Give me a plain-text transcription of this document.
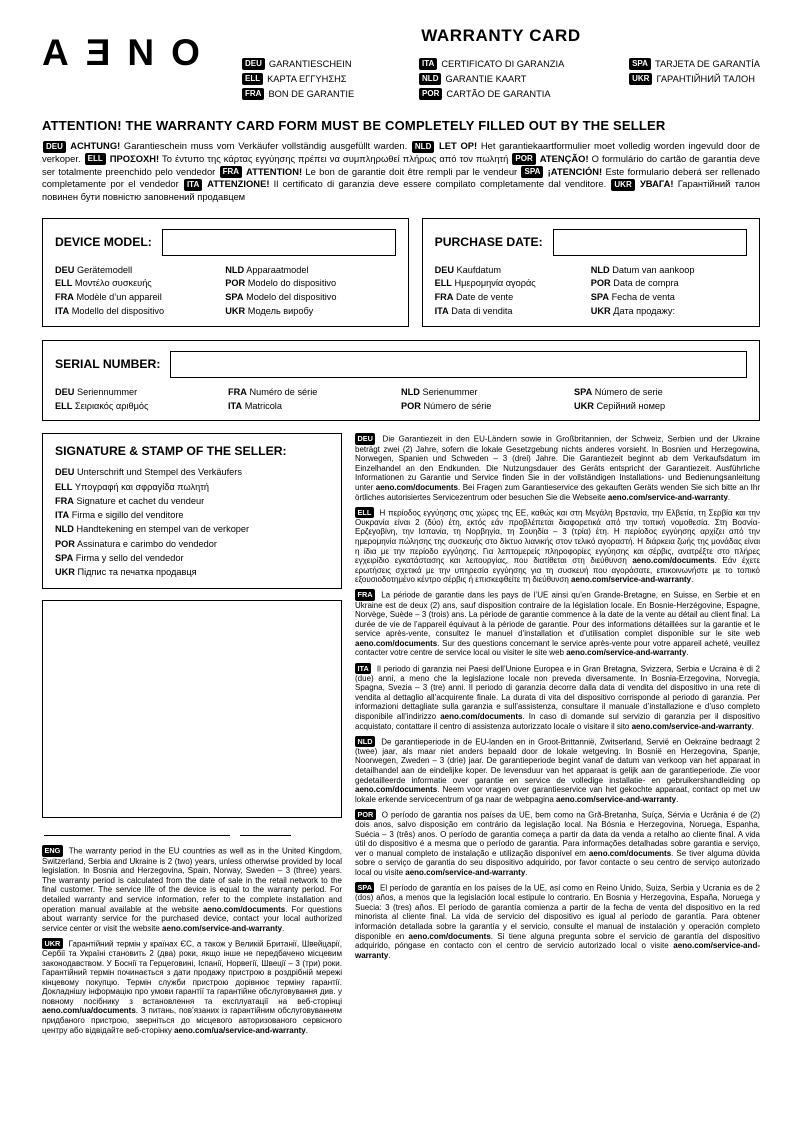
AƎNO	WARRANTY CARD
DEU GARANTIESCHEIN
ELL ΚΑΡΤΑ ΕΓΓΥΗΣΗΣ
FRA BON DE GARANTIE
ITA CERTIFICATO DI GARANZIA
NLD GARANTIE KAART
POR CARTÃO DE GARANTIA
SPA TARJETA DE GARANTÍA
UKR ГАРАНТІЙНИЙ ТАЛОН
ATTENTION! THE WARRANTY CARD FORM MUST BE COMPLETELY FILLED OUT BY THE SELLER

DEU ACHTUNG! Garantieschein muss vom Verkäufer vollständig ausgefüllt warden. NLD LET OP! Het garantiekaartformulier moet volledig worden ingevuld door de verkoper. ELL ΠΡΟΣΟΧΗ! Το έντυπο της κάρτας εγγύησης πρέπει να συμπληρωθεί πλήρως από τον πωλητή POR ATENÇÃO! O formulário do cartão de garantia deve ser totalmente preenchido pelo vendedor FRA ATTENTION! Le bon de garantie doit être rempli par le vendeur SPA ¡ATENCIÓN! Este formulario deberá ser rellenado completamente por el vendedor ITA ATTENZIONE! Il certificato di garanzia deve essere compilato completamente dal venditore. UKR УВАГА! Гарантійний талон повинен бути повністю заповнений продавцем

DEVICE MODEL:
DEU Gerätemodell
ELL Μοντέλο συσκευής
FRA Modèle d’un appareil
ITA Modello del dispositivo
NLD Apparaatmodel
POR Modelo do dispositivo
SPA Modelo del dispositivo
UKR Модель виробу
PURCHASE DATE:
DEU Kaufdatum
ELL Ημερομηνία αγοράς
FRA Date de vente
ITA Data di vendita
NLD Datum van aankoop
POR Data de compra
SPA Fecha de venta
UKR Дата продажу:
SERIAL NUMBER:
DEU Seriennummer
ELL Σειριακός αριθμός
FRA Numéro de série
ITA Matricola
NLD Serienummer
POR Número de série
SPA Número de serie
UKR Серійний номер
SIGNATURE & STAMP OF THE SELLER:
DEU Unterschrift und Stempel des Verkäufers
ELL Υπογραφή και σφραγίδα πωλητή
FRA Signature et cachet du vendeur
ITA Firma e sigillo del venditore
NLD Handtekening en stempel van de verkoper
POR Assinatura e carimbo do vendedor
SPA Firma y sello del vendedor
UKR Підпис та печатка продавця

ENG The warranty period in the EU countries as well as in the United Kingdom, Switzerland, Serbia and Ukraine is 2 (two) years, unless otherwise provided by local legislation. In Bosnia and Herzegovina, Spain, Norway, Sweden – 3 (three) years. The warranty period is calculated from the date of sale in the retail network to the final customer. The service life of the device is equal to the warranty period. For detailed warranty and service information, refer to the complete installation and operation manual available at the website aeno.com/documents. For questions about warranty service for the purchased device, contact your local authorized service center or visit the website aeno.com/service-and-warranty.

UKR Гарантійний термін у країнах ЄС, а також у Великій Британії, Швейцарії, Сербії та Україні становить 2 (два) роки, якщо інше не передбачено місцевим законодавством. У Боснії та Герцеговині, Іспанії, Норвегії, Швеції – 3 (три) роки. Гарантійний термін починається з дати продажу пристрою в роздрібній мережі кінцевому покупцю. Термін служби пристрою дорівнює терміну гарантії. Докладнішу інформацію про умови гарантії та гарантійне обслуговування див. у повному посібнику з встановлення та експлуатації на веб-сторінці aeno.com/ua/documents. З питань, пов’язаних із гарантійним обслуговуванням придбаного пристрою, зверніться до місцевого авторизованого сервісного центру або відвідайте веб-сторінку aeno.com/ua/service-and-warranty.

DEU Die Garantiezeit in den EU-Ländern sowie in Großbritannien, der Schweiz, Serbien und der Ukraine beträgt zwei (2) Jahre, sofern die lokale Gesetzgebung nichts anderes vorsieht. In Bosnien und Herzegowina, Norwegen, Spanien und Schweden – 3 (drei) Jahre. Die Garantiezeit beginnt ab dem Verkaufsdatum im Einzelhandel an den Endkunden. Die Nutzungsdauer des Geräts entspricht der Garantiezeit. Ausführliche Informationen zu Garantie und Service finden Sie in der vollständigen Installations- und Bedienungsanleitung unter aeno.com/documents. Bei Fragen zum Garantieservice des gekauften Geräts wenden Sie sich bitte an Ihr örtliches autorisiertes Servicezentrum oder besuchen Sie die Webseite aeno.com/service-and-warranty.

ELL Η περίοδος εγγύησης στις χώρες της ΕΕ, καθώς και στη Μεγάλη Βρετανία, την Ελβετία, τη Σερβία και την Ουκρανία είναι 2 (δύο) έτη, εκτός εάν προβλέπεται διαφορετικά από την τοπική νομοθεσία. Στη Βοσνία-Ερζεγοβίνη, την Ισπανία, τη Νορβηγία, τη Σουηδία – 3 (τρία) έτη. Η περίοδος εγγύησης αρχίζει από την ημερομηνία πώλησης της συσκευής στο δίκτυο λιανικής στον τελικό αγοραστή. Η διάρκεια ζωής της μονάδας είναι η ίδια με την περίοδο εγγύησης. Για λεπτομερείς πληροφορίες εγγύησης και σέρβις, ανατρέξτε στο πλήρες εγχειρίδιο εγκατάστασης και λειτουργίας, που διατίθεται στη διεύθυνση aeno.com/documents. Εάν έχετε ερωτήσεις σχετικά με την υπηρεσία εγγύησης για τη συσκευή που αγοράσατε, επικοινωνήστε με το τοπικό εξουσιοδοτημένο κέντρο σέρβις ή επισκεφθείτε τη διεύθυνση aeno.com/service-and-warranty.

FRA La période de garantie dans les pays de l’UE ainsi qu’en Grande-Bretagne, en Suisse, en Serbie et en Ukraine est de deux (2) ans, sauf disposition contraire de la législation locale. En Bosnie-Herzégovine, Espagne, Norvège, Suède – 3 (trois) ans. La période de garantie commence à la date de la vente au détail au client final. La durée de vie de l’appareil équivaut à la période de garantie. Pour des informations détaillées sur la garantie et le service après-vente, consultez le manuel d’installation et d’utilisation complet disponible sur le site web aeno.com/documents. Sur des questions concernant le service après-vente pour votre appareil acheté, veuillez contacter votre centre de service local ou visiter le site web aeno.com/service-and-warranty.

ITA Il periodo di garanzia nei Paesi dell’Unione Europea e in Gran Bretagna, Svizzera, Serbia e Ucraina è di 2 (due) anni, a meno che la legislazione locale non preveda diversamente. In Bosnia-Erzegovina, Norvegia, Spagna, Svezia – 3 (tre) anni. Il periodo di garanzia decorre dalla data di vendita del dispositivo in una rete di vendita al dettaglio all’acquirente finale. La durata di vita del dispositivo corrisponde al periodo di garanzia. Per informazioni dettagliate sulla garanzia e sull’assistenza, consultare il manuale d’installazione e d’uso completo disponibile all’indirizzo aeno.com/documents. In caso di domande sul servizio di garanzia per il dispositivo acquistato, contattare il centro di assistenza autorizzato locale o visitare il sito aeno.com/service-and-warranty.

NLD De garantieperiode in de EU-landen en in Groot-Brittannië, Zwitserland, Servië en Oekraïne bedraagt 2 (twee) jaar, als maar niet anders bepaald door de lokale wetgeving. In Bosnië en Herzegovina, Spanje, Noorwegen, Zweden – 3 (drie) jaar. De garantieperiode begint vanaf de datum van verkoop van het apparaat in detailhandel aan de eindelijke koper. De levensduur van het apparaat is gelijk aan de garantieperiode. Zie voor gedetailleerde informatie over garantie en service de volledige installatie- en gebruikershandleiding op aeno.com/documents. Neem voor vragen over garantieservice van het gekochte apparaat, contact op met uw lokale erkende servicecentrum of ga naar de webpagina aeno.com/service-and-warranty.

POR O período de garantia nos países da UE, bem como na Grã-Bretanha, Suíça, Sérvia e Ucrânia é de (2) dois anos, salvo disposição em contrário da legislação local. Na Bósnia e Herzegovina, Noruega, Espanha, Suécia – 3 (três) anos. O período de garantia começa a partir da data da venda a retalho ao cliente final. A vida útil do dispositivo é a mesma que o período de garantia. Para informações detalhadas sobre garantia e serviço, ver o manual completo de instalação e utilização disponível em aeno.com/documents. Se tiver alguma dúvida sobre o serviço de garantia do seu dispositivo adquirido, por favor contacte o seu centro de serviço autorizado local ou visite aeno.com/service-and-warranty.

SPA El período de garantía en los países de la UE, así como en Reino Unido, Suiza, Serbia y Ucrania es de 2 (dos) años, a menos que la legislación local estipule lo contrario. En Bosnia y Herzegovina, España, Noruega y Suecia: 3 (tres) años. El período de garantía comienza a partir de la fecha de venta del dispositivo en la red minorista al cliente final. La vida de servicio del dispositivo es igual al período de garantía. Para obtener información detallada sobre la garantía y el servicio, consulte el manual de instalación y operación completo disponible en aeno.com/documents. Si tiene alguna pregunta sobre el servicio de garantía del dispositivo adquirido, póngase en contacto con el centro de servicio autorizado local o visite aeno.com/service-and-warranty.
